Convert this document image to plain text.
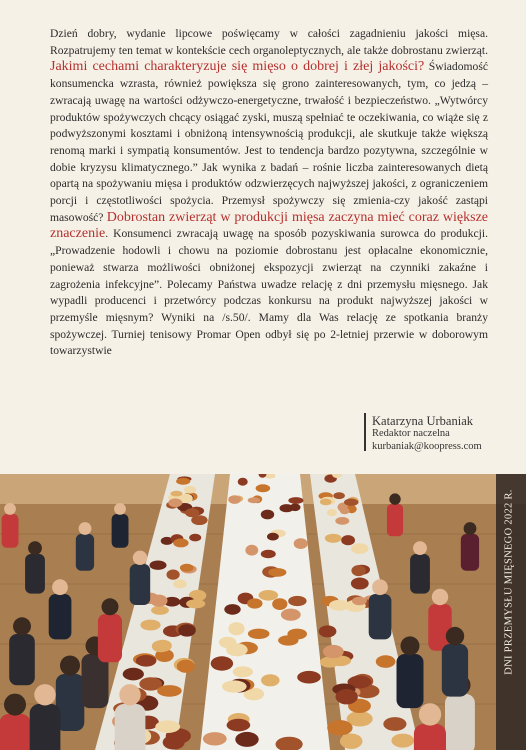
Dzień dobry, wydanie lipcowe poświęcamy w całości zagadnieniu jakości mięsa. Rozpatrujemy ten temat w kontekście cech organoleptycznych, ale także dobrostanu zwierząt. Jakimi cechami charakteryzuje się mięso o dobrej i złej jakości? Świadomość konsumencka wzrasta, również powiększa się grono zainteresowanych, tym, co jedzą – zwracają uwagę na wartości odżywczo-energetyczne, trwałość i bezpieczeństwo. „Wytwórcy produktów spożywczych chcący osiągać zyski, muszą spełniać te oczekiwania, co wiąże się z podwyższonymi kosztami i obniżoną intensywnością produkcji, ale skutkuje także większą renomą marki i sympatią konsumentów. Jest to tendencja bardzo pozytywna, szczególnie w dobie kryzysu klimatycznego.” Jak wynika z badań – rośnie liczba zainteresowanych dietą opartą na spożywaniu mięsa i produktów odzwierzęcych najwyższej jakości, z ograniczeniem porcji i częstotliwości spożycia. Przemysł spożywczy się zmienia-czy jakość zastąpi masowość? Dobrostan zwierząt w produkcji mięsa zaczyna mieć coraz większe znaczenie. Konsumenci zwracają uwagę na sposób pozyskiwania surowca do produkcji. „Prowadzenie hodowli i chowu na poziomie dobrostanu jest opłacalne ekonomicznie, ponieważ stwarza możliwości obniżonej ekspozycji zwierząt na czynniki zakaźne i zagrożenia infekcyjne”. Polecamy Państwa uwadze relację z dni przemysłu mięsnego. Jak wypadli producenci i przetwórcy podczas konkursu na produkt najwyższej jakości w przemyśle mięsnym? Wyniki na /s.50/. Mamy dla Was relację ze spotkania branży spożywczej. Turniej tenisowy Promar Open odbył się po 2-letniej przerwie w doborowym towarzystwie

Katarzyna Urbaniak
Redaktor naczelna
kurbaniak@koopress.com
DNI PRZEMYSŁU MIĘSNEGO 2022 R.
